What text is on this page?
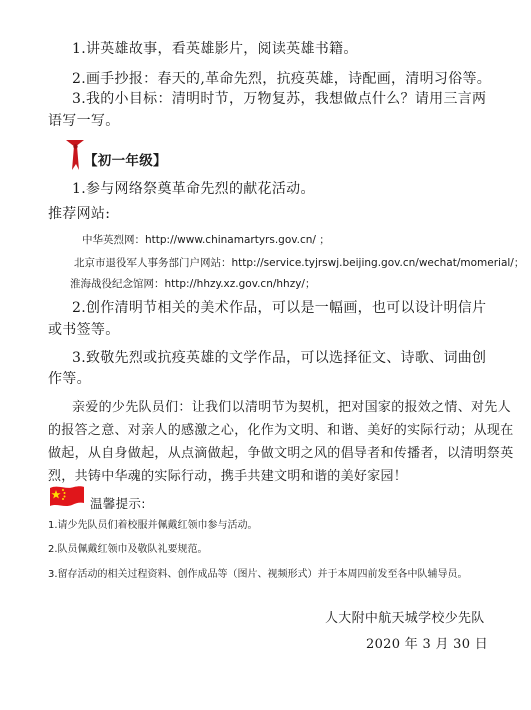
1.讲英雄故事，看英雄影片，阅读英雄书籍。
2.画手抄报：春天的,革命先烈，抗疫英雄，诗配画，清明习俗等。
3.我的小目标：清明时节，万物复苏，我想做点什么？请用三言两
语写一写。
【初一年级】
1.参与网络祭奠革命先烈的献花活动。
推荐网站:
中华英烈网：http://www.chinamartyrs.gov.cn/ ；
北京市退役军人事务部门户网站：http://service.tyjrswj.beijing.gov.cn/wechat/momerial/；
淮海战役纪念馆网：http://hhzy.xz.gov.cn/hhzy/；
2.创作清明节相关的美术作品，可以是一幅画，也可以设计明信片
或书签等。
3.致敬先烈或抗疫英雄的文学作品，可以选择征文、诗歌、词曲创
作等。
亲爱的少先队员们：让我们以清明节为契机，把对国家的报效之情、对先人
的报答之意、对亲人的感激之心，化作为文明、和谐、美好的实际行动；从现在
做起，从自身做起，从点滴做起，争做文明之风的倡导者和传播者，以清明祭英
烈，共铸中华魂的实际行动，携手共建文明和谐的美好家园！
温馨提示:
1.请少先队员们着校服并佩戴红领巾参与活动。
2.队员佩戴红领巾及敬队礼要规范。
3.留存活动的相关过程资料、创作成品等（图片、视频形式）并于本周四前发至各中队辅导员。
人大附中航天城学校少先队
2020 年 3 月 30 日
